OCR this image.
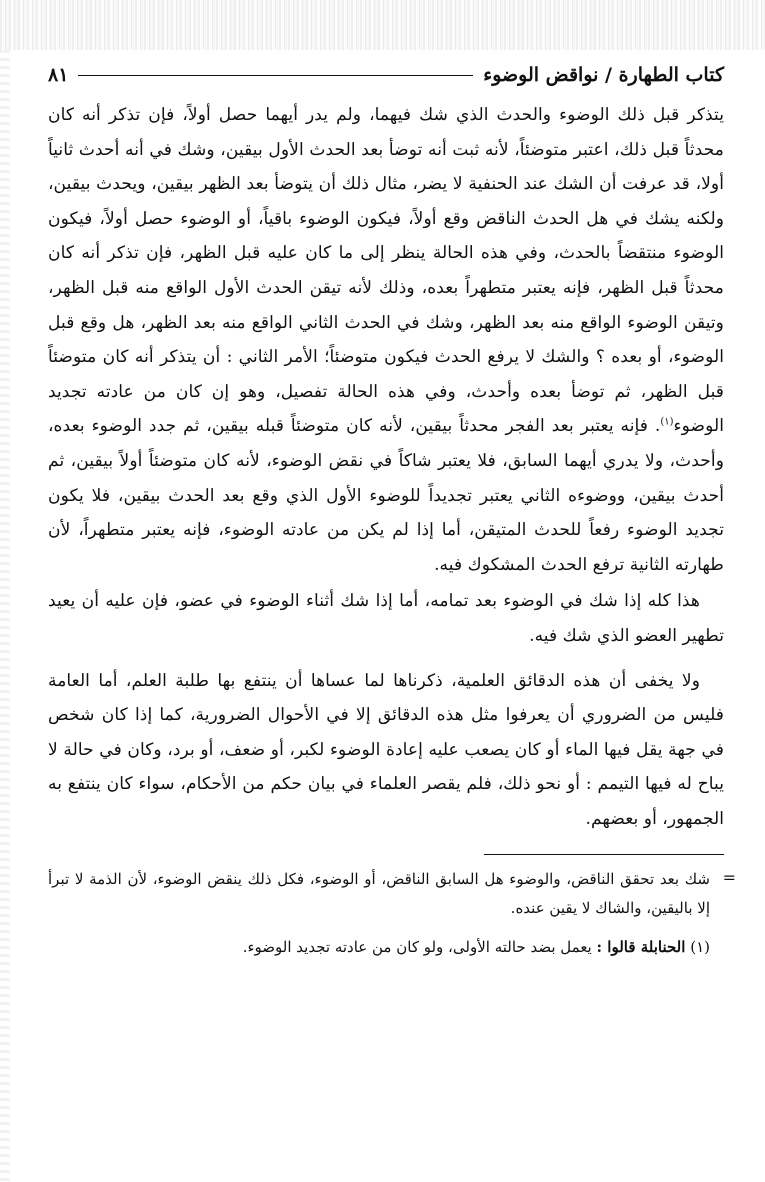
كتاب الطهارة / نواقض الوضوء
٨١

يتذكر قبل ذلك الوضوء والحدث الذي شك فيهما، ولم يدر أيهما حصل أولاً، فإن تذكر أنه كان محدثاً قبل ذلك، اعتبر متوضئاً، لأنه ثبت أنه توضأ بعد الحدث الأول بيقين، وشك في أنه أحدث ثانياً أولا، قد عرفت أن الشك عند الحنفية لا يضر، مثال ذلك أن يتوضأ بعد الظهر بيقين، ويحدث بيقين، ولكنه يشك في هل الحدث الناقض وقع أولاً، فيكون الوضوء باقياً، أو الوضوء حصل أولاً، فيكون الوضوء منتقضاً بالحدث، وفي هذه الحالة ينظر إلى ما كان عليه قبل الظهر، فإن تذكر أنه كان محدثاً قبل الظهر، فإنه يعتبر متطهراً بعده، وذلك لأنه تيقن الحدث الأول الواقع منه قبل الظهر، وتيقن الوضوء الواقع منه بعد الظهر، وشك في الحدث الثاني الواقع منه بعد الظهر، هل وقع قبل الوضوء، أو بعده ؟ والشك لا يرفع الحدث فيكون متوضئاً؛ الأمر الثاني : أن يتذكر أنه كان متوضئاً قبل الظهر، ثم توضأ بعده وأحدث، وفي هذه الحالة تفصيل، وهو إن كان من عادته تجديد الوضوء$^{(١)}$. فإنه يعتبر بعد الفجر محدثاً بيقين، لأنه كان متوضئاً قبله بيقين، ثم جدد الوضوء بعده، وأحدث، ولا يدري أيهما السابق، فلا يعتبر شاكاً في نقض الوضوء، لأنه كان متوضئاً أولاً بيقين، ثم أحدث بيقين، ووضوءه الثاني يعتبر تجديداً للوضوء الأول الذي وقع بعد الحدث بيقين، فلا يكون تجديد الوضوء رفعاً للحدث المتيقن، أما إذا لم يكن من عادته الوضوء، فإنه يعتبر متطهراً، لأن طهارته الثانية ترفع الحدث المشكوك فيه.

هذا كله إذا شك في الوضوء بعد تمامه، أما إذا شك أثناء الوضوء في عضو، فإن عليه أن يعيد تطهير العضو الذي شك فيه.

ولا يخفى أن هذه الدقائق العلمية، ذكرناها لما عساها أن ينتفع بها طلبة العلم، أما العامة فليس من الضروري أن يعرفوا مثل هذه الدقائق إلا في الأحوال الضرورية، كما إذا كان شخص في جهة يقل فيها الماء أو كان يصعب عليه إعادة الوضوء لكبر، أو ضعف، أو برد، وكان في حالة لا يباح له فيها التيمم : أو نحو ذلك، فلم يقصر العلماء في بيان حكم من الأحكام، سواء كان ينتفع به الجمهور، أو بعضهم.

=
شك بعد تحقق الناقض، والوضوء هل السابق الناقض، أو الوضوء، فكل ذلك ينقض الوضوء، لأن الذمة لا تبرأ إلا باليقين، والشاك لا يقين عنده.

(١) الحنابلة قالوا : يعمل بضد حالته الأولى، ولو كان من عادته تجديد الوضوء.
